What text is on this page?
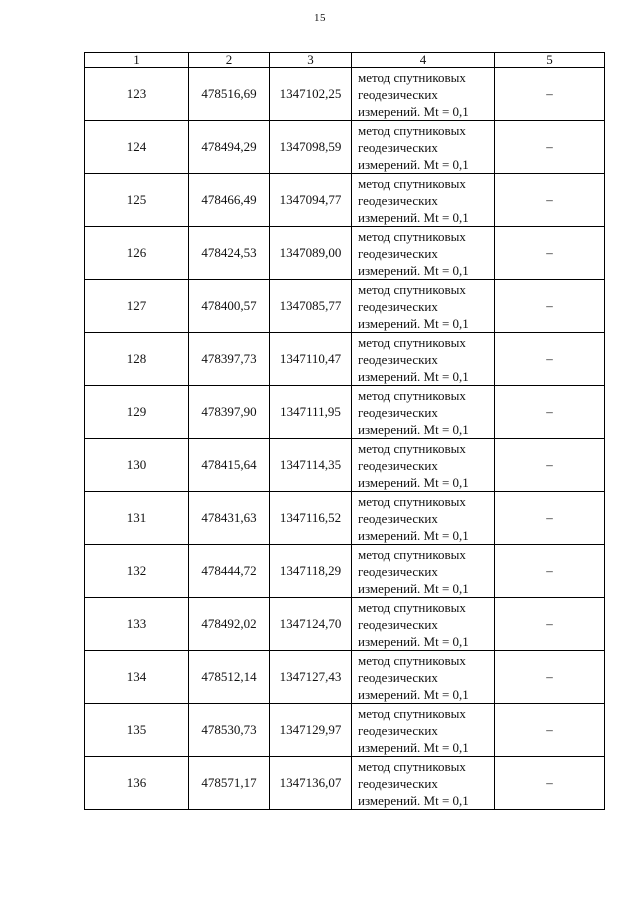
15
1	2	3	4	5
123	478516,69	1347102,25	метод спутниковых
геодезических
измерений. Mt = 0,1	–
124	478494,29	1347098,59	метод спутниковых
геодезических
измерений. Mt = 0,1	–
125	478466,49	1347094,77	метод спутниковых
геодезических
измерений. Mt = 0,1	–
126	478424,53	1347089,00	метод спутниковых
геодезических
измерений. Mt = 0,1	–
127	478400,57	1347085,77	метод спутниковых
геодезических
измерений. Mt = 0,1	–
128	478397,73	1347110,47	метод спутниковых
геодезических
измерений. Mt = 0,1	–
129	478397,90	1347111,95	метод спутниковых
геодезических
измерений. Mt = 0,1	–
130	478415,64	1347114,35	метод спутниковых
геодезических
измерений. Mt = 0,1	–
131	478431,63	1347116,52	метод спутниковых
геодезических
измерений. Mt = 0,1	–
132	478444,72	1347118,29	метод спутниковых
геодезических
измерений. Mt = 0,1	–
133	478492,02	1347124,70	метод спутниковых
геодезических
измерений. Mt = 0,1	–
134	478512,14	1347127,43	метод спутниковых
геодезических
измерений. Mt = 0,1	–
135	478530,73	1347129,97	метод спутниковых
геодезических
измерений. Mt = 0,1	–
136	478571,17	1347136,07	метод спутниковых
геодезических
измерений. Mt = 0,1	–
